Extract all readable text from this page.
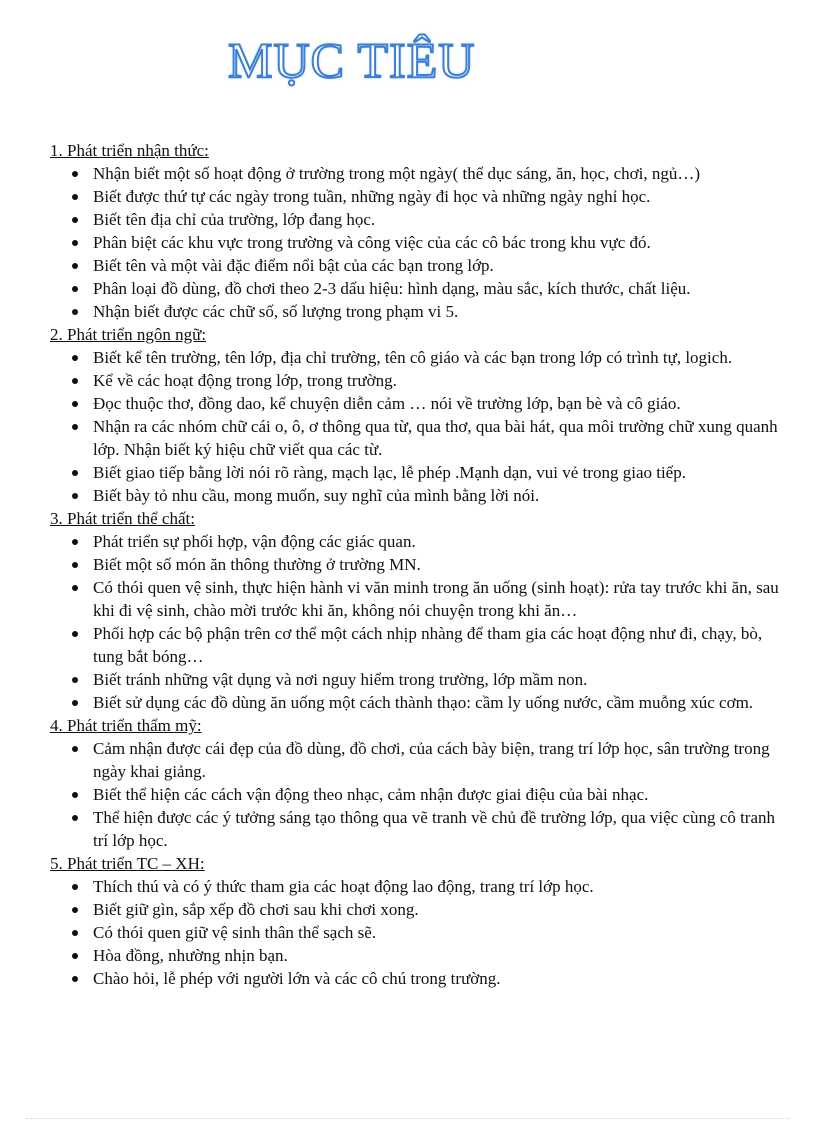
MỤC TIÊU

1. Phát triển nhận thức:

Nhận biết một số hoạt động ở trường trong một ngày( thể dục sáng, ăn, học, chơi, ngủ…)
Biết được thứ tự các ngày trong tuần, những ngày đi học và những ngày nghỉ học.
Biết tên địa chỉ của trường, lớp đang học.
Phân biệt các khu vực trong trường và công việc của các cô bác trong khu vực đó.
Biết tên và một vài đặc điểm nổi bật của các bạn trong lớp.
Phân loại đồ dùng, đồ chơi theo 2-3 dấu hiệu: hình dạng, màu sắc, kích thước, chất liệu.
Nhận biết được các chữ số, số lượng trong phạm vi 5.

2. Phát triển ngôn ngữ:

Biết kể tên trường, tên lớp, địa chỉ trường, tên cô giáo và các bạn trong lớp có trình tự, logich.
Kể về các hoạt động trong lớp, trong trường.
Đọc thuộc thơ, đồng dao, kể chuyện diễn cảm … nói về trường lớp, bạn bè và cô giáo.
Nhận ra các nhóm chữ cái o, ô, ơ thông qua từ, qua thơ, qua bài hát, qua môi trường chữ xung quanh lớp. Nhận biết ký hiệu chữ viết qua các từ.
Biết giao tiếp bằng lời nói rõ ràng, mạch lạc, lễ phép .Mạnh dạn, vui vẻ trong giao tiếp.
Biết bày tỏ nhu cầu, mong muốn, suy nghĩ của mình bằng lời nói.

3. Phát triển thể chất:

Phát triển sự phối hợp, vận động các giác quan.
Biết một số món ăn thông thường ở trường MN.
Có thói quen vệ sinh, thực hiện hành vi văn minh trong ăn uống (sinh hoạt): rửa tay trước khi ăn, sau khi đi vệ sinh, chào mời trước khi ăn, không nói chuyện trong khi ăn…
Phối hợp các bộ phận trên cơ thể một cách nhịp nhàng để tham gia các hoạt động như đi, chạy, bò, tung bắt bóng…
Biết tránh những vật dụng và nơi nguy hiểm trong trường, lớp mầm non.
Biết sử dụng các đồ dùng ăn uống một cách thành thạo: cầm ly uống nước, cầm muỗng xúc cơm.

4. Phát triển thẩm mỹ:

Cảm nhận được cái đẹp của đồ dùng, đồ chơi, của cách bày biện, trang trí lớp học, sân trường trong ngày khai giảng.
Biết thể hiện các cách vận động theo nhạc, cảm nhận được giai điệu của bài nhạc.
Thể hiện được các ý tưởng sáng tạo thông qua vẽ tranh về chủ đề trường lớp, qua việc cùng cô tranh trí lớp học.

5. Phát triển TC – XH:

Thích thú và có ý thức tham gia các hoạt động lao động, trang trí lớp học.
Biết giữ gìn, sắp xếp đồ chơi sau khi chơi xong.
Có thói quen giữ vệ sinh thân thể sạch sẽ.
Hòa đồng, nhường nhịn bạn.
Chào hỏi, lễ phép với người lớn và các cô chú trong trường.
